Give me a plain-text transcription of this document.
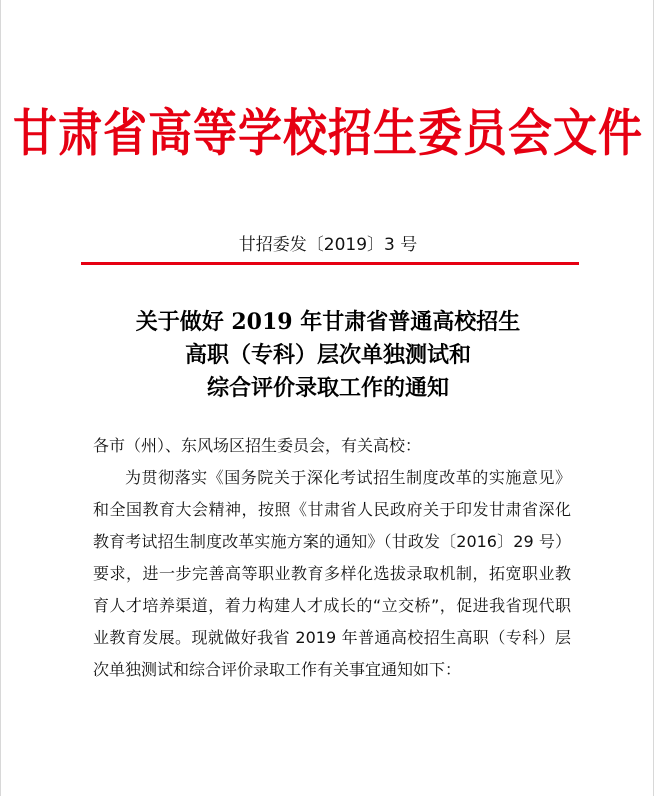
甘肃省高等学校招生委员会文件
甘招委发〔2019〕3 号
关于做好 2019 年甘肃省普通高校招生
高职（专科）层次单独测试和
综合评价录取工作的通知

各市（州）、东风场区招生委员会，有关高校：

为贯彻落实《国务院关于深化考试招生制度改革的实施意见》和全国教育大会精神，按照《甘肃省人民政府关于印发甘肃省深化教育考试招生制度改革实施方案的通知》（甘政发〔2016〕29 号）要求，进一步完善高等职业教育多样化选拔录取机制，拓宽职业教育人才培养渠道，着力构建人才成长的“立交桥”，促进我省现代职业教育发展。现就做好我省 2019 年普通高校招生高职（专科）层次单独测试和综合评价录取工作有关事宜通知如下：
